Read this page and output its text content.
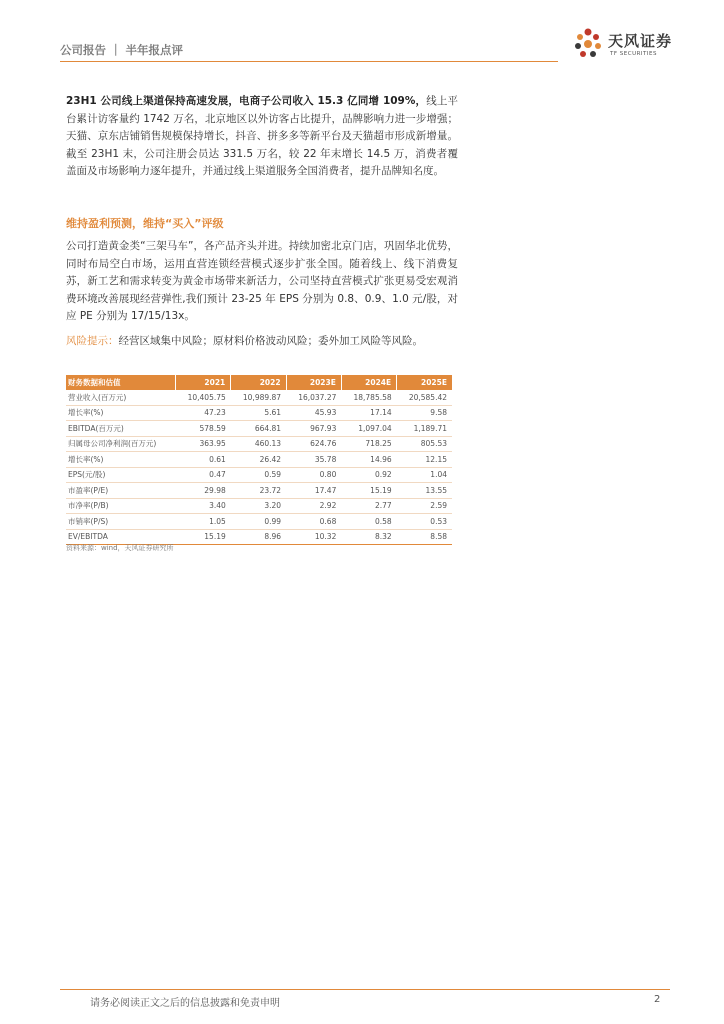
公司报告 ｜ 半年报点评	天风证券
TF SECURITIES
23H1 公司线上渠道保持高速发展，电商子公司收入 15.3 亿同增 109%，线上平台累计访客量约 1742 万名，北京地区以外访客占比提升，品牌影响力进一步增强；天猫、京东店铺销售规模保持增长，抖音、拼多多等新平台及天猫超市形成新增量。截至 23H1 末，公司注册会员达 331.5 万名，较 22 年末增长 14.5 万，消费者覆盖面及市场影响力逐年提升，并通过线上渠道服务全国消费者，提升品牌知名度。
维持盈利预测，维持“买入”评级
公司打造黄金类“三架马车”，各产品齐头并进。持续加密北京门店，巩固华北优势，同时布局空白市场，运用直营连锁经营模式逐步扩张全国。随着线上、线下消费复苏，新工艺和需求转变为黄金市场带来新活力，公司坚持直营模式扩张更易受宏观消费环境改善展现经营弹性,我们预计 23-25 年 EPS 分别为 0.8、0.9、1.0 元/股，对应 PE 分别为 17/15/13x。
风险提示：经营区域集中风险；原材料价格波动风险；委外加工风险等风险。
财务数据和估值	2021	2022	2023E	2024E	2025E
营业收入(百万元)	10,405.75	10,989.87	16,037.27	18,785.58	20,585.42
增长率(%)	47.23	5.61	45.93	17.14	9.58
EBITDA(百万元)	578.59	664.81	967.93	1,097.04	1,189.71
归属母公司净利润(百万元)	363.95	460.13	624.76	718.25	805.53
增长率(%)	0.61	26.42	35.78	14.96	12.15
EPS(元/股)	0.47	0.59	0.80	0.92	1.04
市盈率(P/E)	29.98	23.72	17.47	15.19	13.55
市净率(P/B)	3.40	3.20	2.92	2.77	2.59
市销率(P/S)	1.05	0.99	0.68	0.58	0.53
EV/EBITDA	15.19	8.96	10.32	8.32	8.58
资料来源：wind，天风证券研究所
请务必阅读正文之后的信息披露和免责申明	2
